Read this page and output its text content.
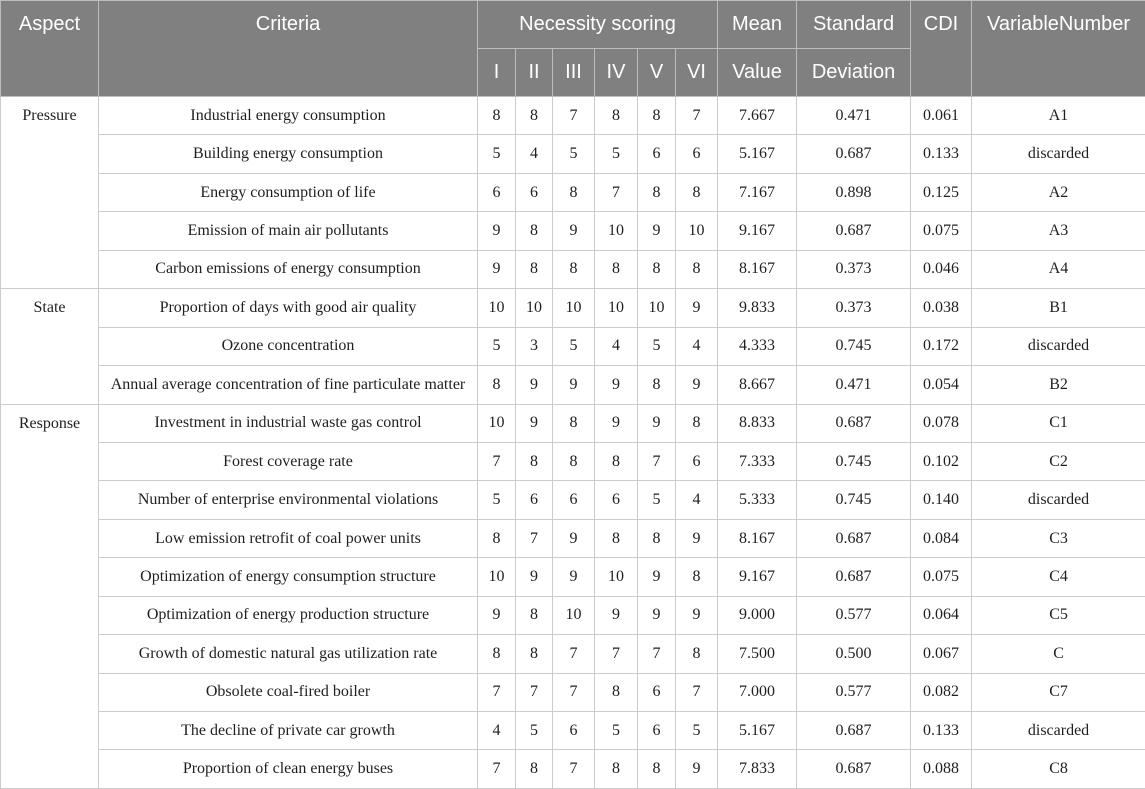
Aspect	Criteria	Necessity scoring						Mean	Standard	CDI	VariableNumber
		I	II	III	IV	V	VI	Value	Deviation		
Pressure	Industrial energy consumption	8	8	7	8	8	7	7.667	0.471	0.061	A1
	Building energy consumption	5	4	5	5	6	6	5.167	0.687	0.133	discarded
	Energy consumption of life	6	6	8	7	8	8	7.167	0.898	0.125	A2
	Emission of main air pollutants	9	8	9	10	9	10	9.167	0.687	0.075	A3
	Carbon emissions of energy consumption	9	8	8	8	8	8	8.167	0.373	0.046	A4
State	Proportion of days with good air quality	10	10	10	10	10	9	9.833	0.373	0.038	B1
	Ozone concentration	5	3	5	4	5	4	4.333	0.745	0.172	discarded
	Annual average concentration of fine particulate matter	8	9	9	9	8	9	8.667	0.471	0.054	B2
Response	Investment in industrial waste gas control	10	9	8	9	9	8	8.833	0.687	0.078	C1
	Forest coverage rate	7	8	8	8	7	6	7.333	0.745	0.102	C2
	Number of enterprise environmental violations	5	6	6	6	5	4	5.333	0.745	0.140	discarded
	Low emission retrofit of coal power units	8	7	9	8	8	9	8.167	0.687	0.084	C3
	Optimization of energy consumption structure	10	9	9	10	9	8	9.167	0.687	0.075	C4
	Optimization of energy production structure	9	8	10	9	9	9	9.000	0.577	0.064	C5
	Growth of domestic natural gas utilization rate	8	8	7	7	7	8	7.500	0.500	0.067	C
	Obsolete coal-fired boiler	7	7	7	8	6	7	7.000	0.577	0.082	C7
	The decline of private car growth	4	5	6	5	6	5	5.167	0.687	0.133	discarded
	Proportion of clean energy buses	7	8	7	8	8	9	7.833	0.687	0.088	C8
